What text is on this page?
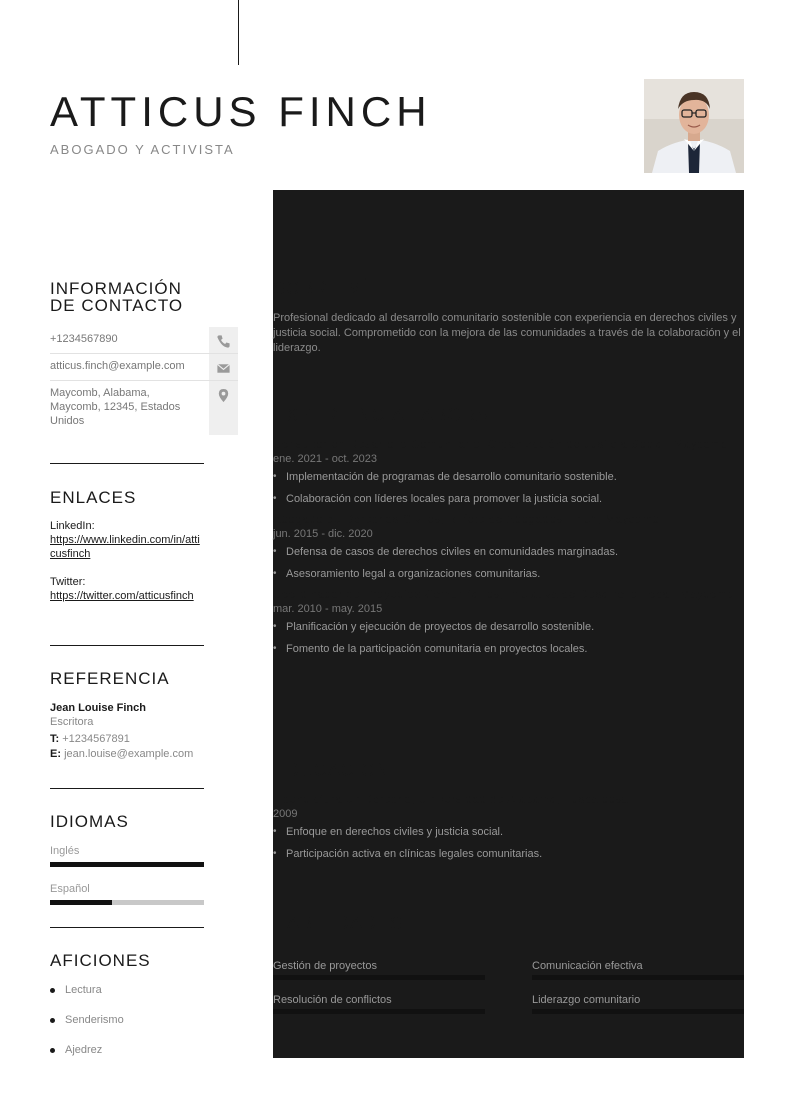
ATTICUS FINCH
ABOGADO Y ACTIVISTA
INFORMACIÓN
DE CONTACTO
+1234567890
atticus.finch@example.com
Maycomb, Alabama, Maycomb, 12345, Estados Unidos
ENLACES
LinkedIn:
https://www.linkedin.com/in/atticusfinch
Twitter:
https://twitter.com/atticusfinch
REFERENCIA
Jean Louise Finch
Escritora
T: +1234567891
E: jean.louise@example.com
IDIOMAS
Inglés
Español
AFICIONES
Lectura
Senderismo
Ajedrez
SOBRE MÍ
Profesional dedicado al desarrollo comunitario sostenible con experiencia en derechos civiles y justicia social. Comprometido con la mejora de las comunidades a través de la colaboración y el liderazgo.
EXPERIENCIA LABORAL
Consultor en Desarrollo Comunitario, Organización de Justicia Social, Maycomb
ene. 2021 - oct. 2023
• Implementación de programas de desarrollo comunitario sostenible.
• Colaboración con líderes locales para promover la justicia social.
Abogado de Derechos Civiles, Bufete de Abogados Finch, Maycomb
jun. 2015 - dic. 2020
• Defensa de casos de derechos civiles en comunidades marginadas.
• Asesoramiento legal a organizaciones comunitarias.
Coordinador de Proyectos Comunitarios, Iniciativa de Desarrollo Local, Maycomb
mar. 2010 - may. 2015
• Planificación y ejecución de proyectos de desarrollo sostenible.
• Fomento de la participación comunitaria en proyectos locales.
EDUCACIÓN
Licenciatura en Derecho, Universidad de Alabama, Tuscaloosa
2009
• Enfoque en derechos civiles y justicia social.
• Participación activa en clínicas legales comunitarias.
HABILIDADES
Gestión de proyectos	Comunicación efectiva
Resolución de conflictos	Liderazgo comunitario
